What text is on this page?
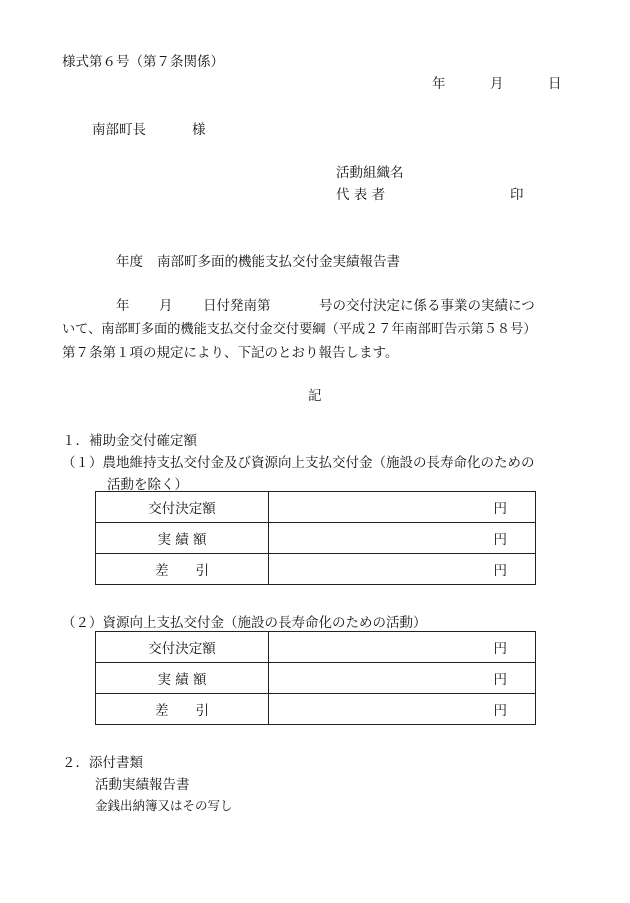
様式第６号（第７条関係）
年	月	日
南部町長	様
活動組織名
代 表 者	印
年度 南部町多面的機能支払交付金実績報告書
年 月 日付発南第	号の交付決定に係る事業の実績につ
いて、南部町多面的機能支払交付金交付要綱（平成２７年南部町告示第５８号）
第７条第１項の規定により、下記のとおり報告します。
記
１．補助金交付確定額
（１）農地維持支払交付金及び資源向上支払交付金（施設の長寿命化のための
活動を除く）
交付決定額	円
実 績 額	円
差　　引	円
（２）資源向上支払交付金（施設の長寿命化のための活動）
交付決定額	円
実 績 額	円
差　　引	円
２．添付書類
活動実績報告書
金銭出納簿又はその写し
